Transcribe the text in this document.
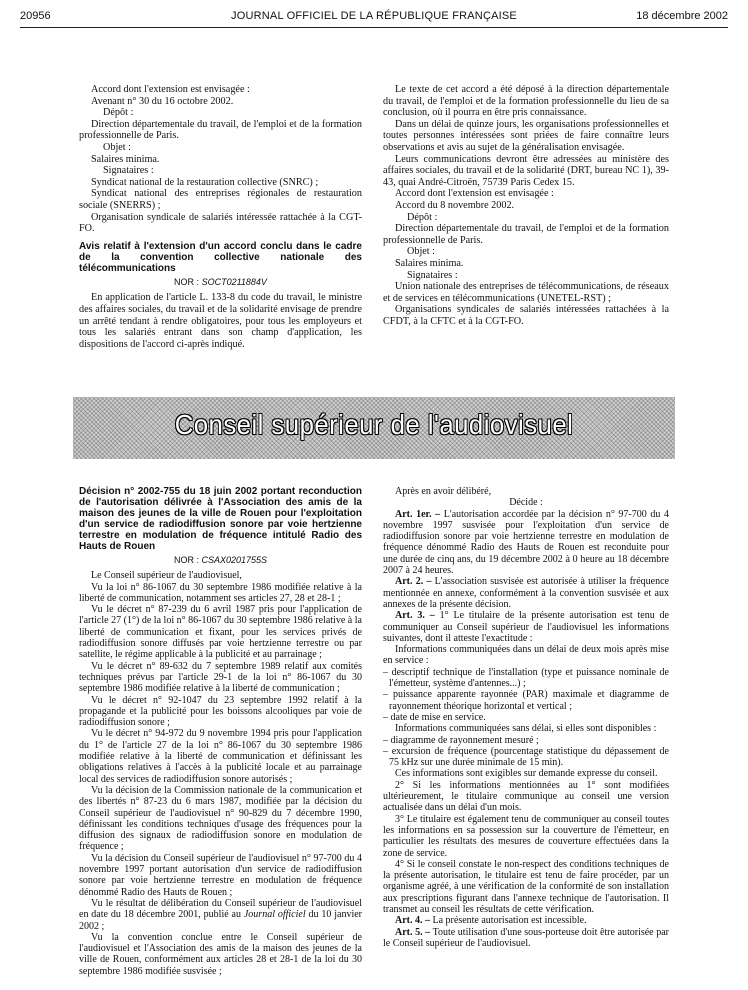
20956	JOURNAL OFFICIEL DE LA RÉPUBLIQUE FRANÇAISE	18 décembre 2002

Accord dont l'extension est envisagée :

Avenant n° 30 du 16 octobre 2002.

Dépôt :

Direction départementale du travail, de l'emploi et de la formation professionnelle de Paris.

Objet :

Salaires minima.

Signataires :

Syndicat national de la restauration collective (SNRC) ;

Syndicat national des entreprises régionales de restauration sociale (SNERRS) ;

Organisation syndicale de salariés intéressée rattachée à la CGT-FO.

Avis relatif à l'extension d'un accord conclu dans le cadre de la convention collective nationale des télécommunications
NOR : SOCT0211884V

En application de l'article L. 133-8 du code du travail, le ministre des affaires sociales, du travail et de la solidarité envisage de prendre un arrêté tendant à rendre obligatoires, pour tous les employeurs et tous les salariés entrant dans son champ d'application, les dispositions de l'accord ci-après indiqué.

Le texte de cet accord a été déposé à la direction départementale du travail, de l'emploi et de la formation professionnelle du lieu de sa conclusion, où il pourra en être pris connaissance.

Dans un délai de quinze jours, les organisations professionnelles et toutes personnes intéressées sont priées de faire connaître leurs observations et avis au sujet de la généralisation envisagée.

Leurs communications devront être adressées au ministère des affaires sociales, du travail et de la solidarité (DRT, bureau NC 1), 39-43, quai André-Citroën, 75739 Paris Cedex 15.

Accord dont l'extension est envisagée :

Accord du 8 novembre 2002.

Dépôt :

Direction départementale du travail, de l'emploi et de la formation professionnelle de Paris.

Objet :

Salaires minima.

Signataires :

Union nationale des entreprises de télécommunications, de réseaux et de services en télécommunications (UNETEL-RST) ;

Organisations syndicales de salariés intéressées rattachées à la CFDT, à la CFTC et à la CGT-FO.

Conseil supérieur de l'audiovisuel
Décision n° 2002-755 du 18 juin 2002 portant reconduction de l'autorisation délivrée à l'Association des amis de la maison des jeunes de la ville de Rouen pour l'exploitation d'un service de radiodiffusion sonore par voie hertzienne terrestre en modulation de fréquence intitulé Radio des Hauts de Rouen
NOR : CSAX0201755S

Le Conseil supérieur de l'audiovisuel,

Vu la loi n° 86-1067 du 30 septembre 1986 modifiée relative à la liberté de communication, notamment ses articles 27, 28 et 28-1 ;

Vu le décret n° 87-239 du 6 avril 1987 pris pour l'application de l'article 27 (1°) de la loi n° 86-1067 du 30 septembre 1986 relative à la liberté de communication et fixant, pour les services privés de radiodiffusion sonore diffusés par voie hertzienne terrestre ou par satellite, le régime applicable à la publicité et au parrainage ;

Vu le décret n° 89-632 du 7 septembre 1989 relatif aux comités techniques prévus par l'article 29-1 de la loi n° 86-1067 du 30 septembre 1986 modifiée relative à la liberté de communication ;

Vu le décret n° 92-1047 du 23 septembre 1992 relatif à la propagande et la publicité pour les boissons alcooliques par voie de radiodiffusion sonore ;

Vu le décret n° 94-972 du 9 novembre 1994 pris pour l'application du 1° de l'article 27 de la loi n° 86-1067 du 30 septembre 1986 modifiée relative à la liberté de communication et définissant les obligations relatives à l'accès à la publicité locale et au parrainage local des services de radiodiffusion sonore autorisés ;

Vu la décision de la Commission nationale de la communication et des libertés n° 87-23 du 6 mars 1987, modifiée par la décision du Conseil supérieur de l'audiovisuel n° 90-829 du 7 décembre 1990, définissant les conditions techniques d'usage des fréquences pour la diffusion des signaux de radiodiffusion sonore en modulation de fréquence ;

Vu la décision du Conseil supérieur de l'audiovisuel n° 97-700 du 4 novembre 1997 portant autorisation d'un service de radiodiffusion sonore par voie hertzienne terrestre en modulation de fréquence dénommé Radio des Hauts de Rouen ;

Vu le résultat de délibération du Conseil supérieur de l'audiovisuel en date du 18 décembre 2001, publié au Journal officiel du 10 janvier 2002 ;

Vu la convention conclue entre le Conseil supérieur de l'audiovisuel et l'Association des amis de la maison des jeunes de la ville de Rouen, conformément aux articles 28 et 28-1 de la loi du 30 septembre 1986 modifiée susvisée ;

Après en avoir délibéré,

Décide :

Art. 1er. – L'autorisation accordée par la décision n° 97-700 du 4 novembre 1997 susvisée pour l'exploitation d'un service de radiodiffusion sonore par voie hertzienne terrestre en modulation de fréquence dénommé Radio des Hauts de Rouen est reconduite pour une durée de cinq ans, du 19 décembre 2002 à 0 heure au 18 décembre 2007 à 24 heures.

Art. 2. – L'association susvisée est autorisée à utiliser la fréquence mentionnée en annexe, conformément à la convention susvisée et aux annexes de la présente décision.

Art. 3. – 1° Le titulaire de la présente autorisation est tenu de communiquer au Conseil supérieur de l'audiovisuel les informations suivantes, dont il atteste l'exactitude :

Informations communiquées dans un délai de deux mois après mise en service :

– descriptif technique de l'installation (type et puissance nominale de l'émetteur, système d'antennes...) ;

– puissance apparente rayonnée (PAR) maximale et diagramme de rayonnement théorique horizontal et vertical ;

– date de mise en service.

Informations communiquées sans délai, si elles sont disponibles :

– diagramme de rayonnement mesuré ;

– excursion de fréquence (pourcentage statistique du dépassement de 75 kHz sur une durée minimale de 15 min).

Ces informations sont exigibles sur demande expresse du conseil.

2° Si les informations mentionnées au 1° sont modifiées ultérieurement, le titulaire communique au conseil une version actualisée dans un délai d'un mois.

3° Le titulaire est également tenu de communiquer au conseil toutes les informations en sa possession sur la couverture de l'émetteur, en particulier les résultats des mesures de couverture effectuées dans la zone de service.

4° Si le conseil constate le non-respect des conditions techniques de la présente autorisation, le titulaire est tenu de faire procéder, par un organisme agréé, à une vérification de la conformité de son installation aux prescriptions figurant dans l'annexe technique de l'autorisation. Il transmet au conseil les résultats de cette vérification.

Art. 4. – La présente autorisation est incessible.

Art. 5. – Toute utilisation d'une sous-porteuse doit être autorisée par le Conseil supérieur de l'audiovisuel.
